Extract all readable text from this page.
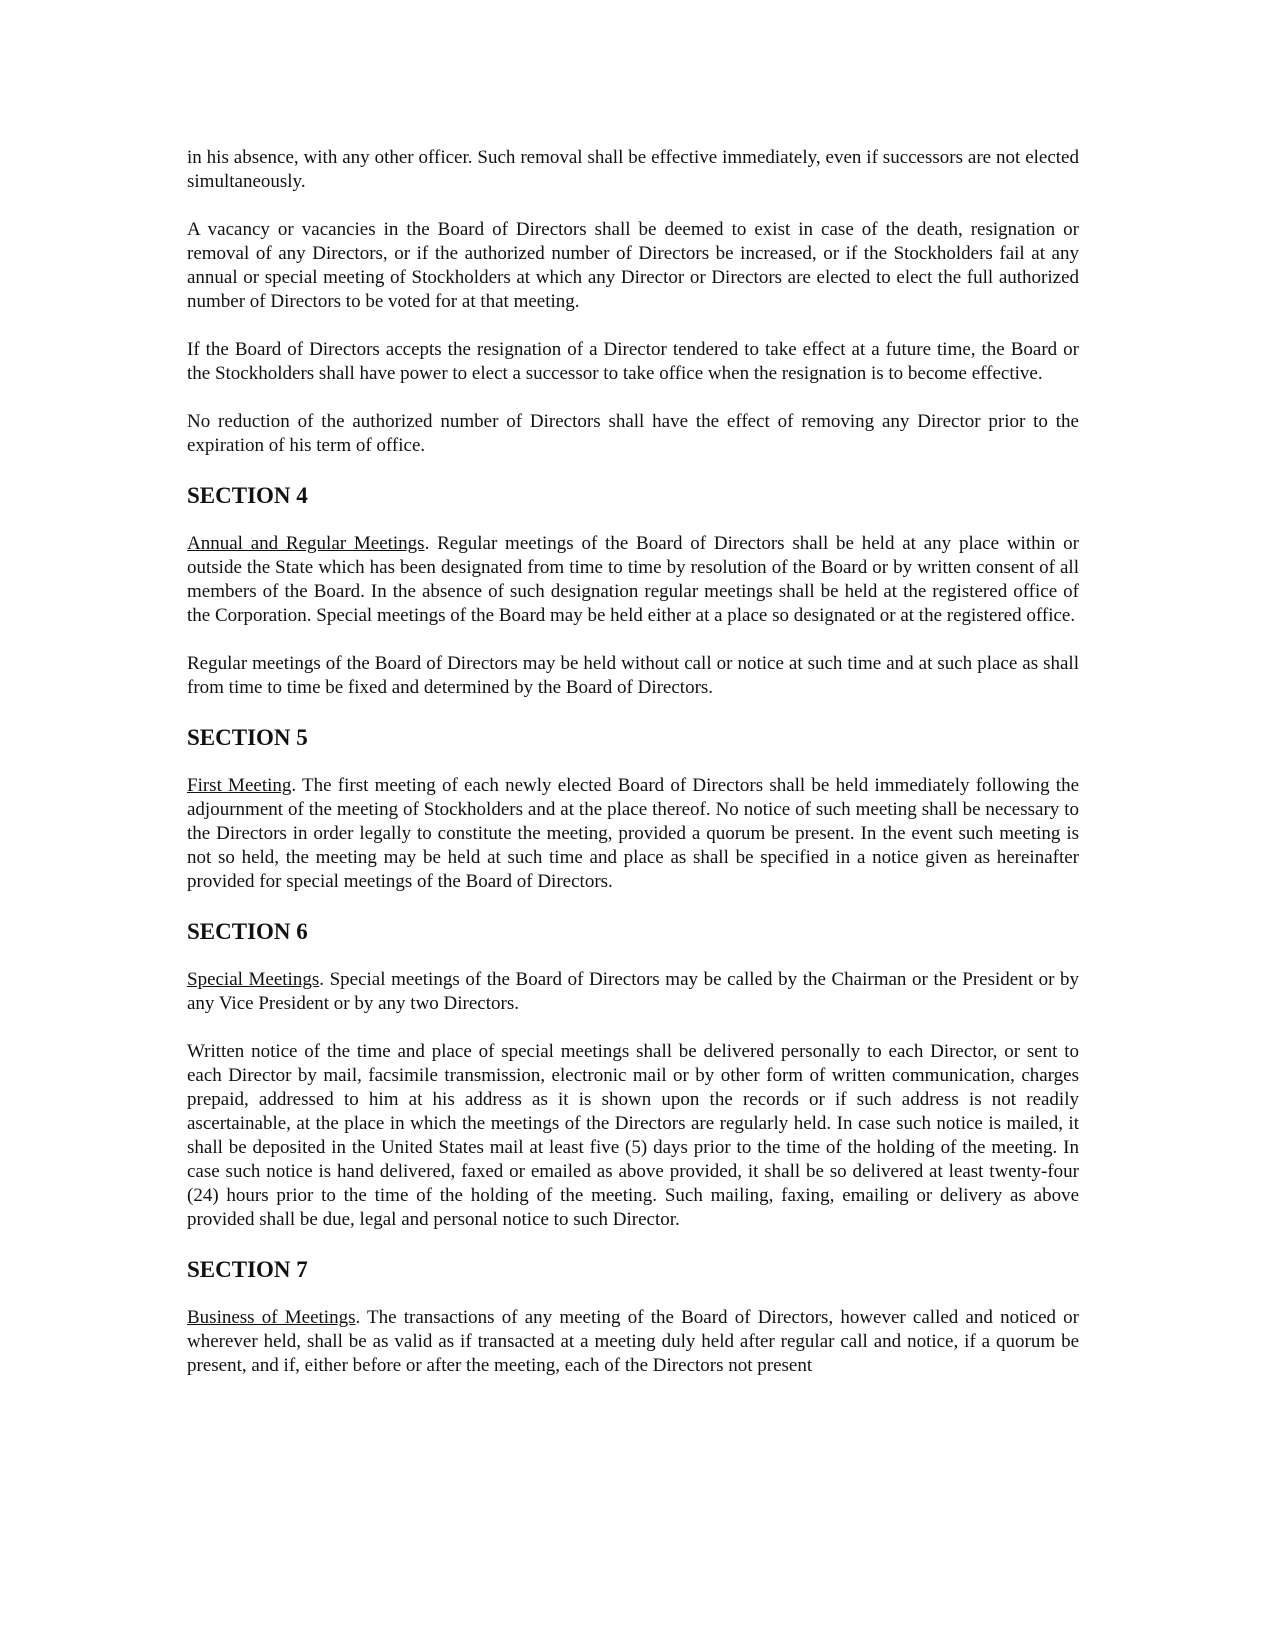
in his absence, with any other officer. Such removal shall be effective immediately, even if successors are not elected simultaneously.

A vacancy or vacancies in the Board of Directors shall be deemed to exist in case of the death, resignation or removal of any Directors, or if the authorized number of Directors be increased, or if the Stockholders fail at any annual or special meeting of Stockholders at which any Director or Directors are elected to elect the full authorized number of Directors to be voted for at that meeting.

If the Board of Directors accepts the resignation of a Director tendered to take effect at a future time, the Board or the Stockholders shall have power to elect a successor to take office when the resignation is to become effective.

No reduction of the authorized number of Directors shall have the effect of removing any Director prior to the expiration of his term of office.

SECTION 4

Annual and Regular Meetings. Regular meetings of the Board of Directors shall be held at any place within or outside the State which has been designated from time to time by resolution of the Board or by written consent of all members of the Board. In the absence of such designation regular meetings shall be held at the registered office of the Corporation. Special meetings of the Board may be held either at a place so designated or at the registered office.

Regular meetings of the Board of Directors may be held without call or notice at such time and at such place as shall from time to time be fixed and determined by the Board of Directors.

SECTION 5

First Meeting. The first meeting of each newly elected Board of Directors shall be held immediately following the adjournment of the meeting of Stockholders and at the place thereof. No notice of such meeting shall be necessary to the Directors in order legally to constitute the meeting, provided a quorum be present. In the event such meeting is not so held, the meeting may be held at such time and place as shall be specified in a notice given as hereinafter provided for special meetings of the Board of Directors.

SECTION 6

Special Meetings. Special meetings of the Board of Directors may be called by the Chairman or the President or by any Vice President or by any two Directors.

Written notice of the time and place of special meetings shall be delivered personally to each Director, or sent to each Director by mail, facsimile transmission, electronic mail or by other form of written communication, charges prepaid, addressed to him at his address as it is shown upon the records or if such address is not readily ascertainable, at the place in which the meetings of the Directors are regularly held. In case such notice is mailed, it shall be deposited in the United States mail at least five (5) days prior to the time of the holding of the meeting. In case such notice is hand delivered, faxed or emailed as above provided, it shall be so delivered at least twenty-four (24) hours prior to the time of the holding of the meeting. Such mailing, faxing, emailing or delivery as above provided shall be due, legal and personal notice to such Director.

SECTION 7

Business of Meetings. The transactions of any meeting of the Board of Directors, however called and noticed or wherever held, shall be as valid as if transacted at a meeting duly held after regular call and notice, if a quorum be present, and if, either before or after the meeting, each of the Directors not present
